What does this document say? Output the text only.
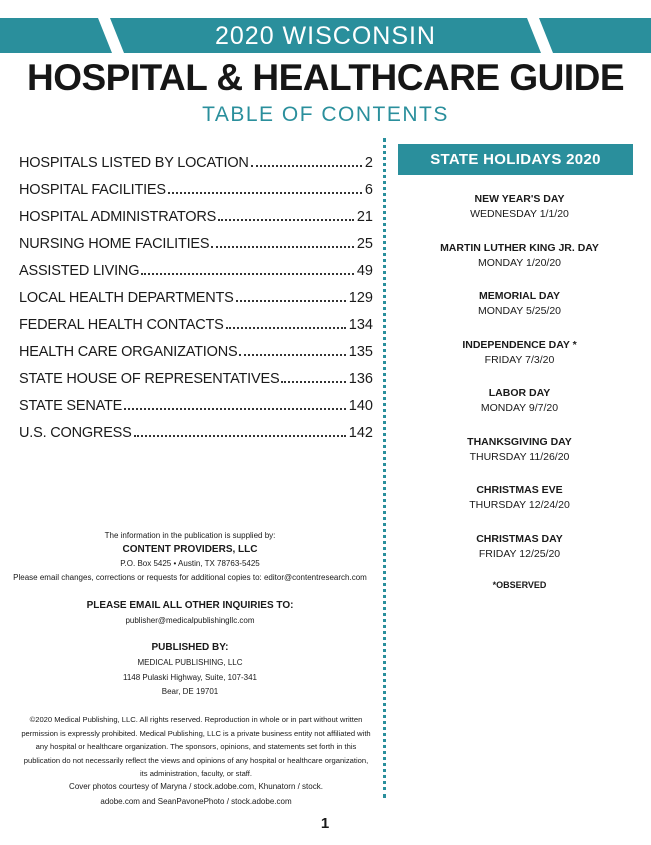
2020 WISCONSIN
HOSPITAL & HEALTHCARE GUIDE
TABLE OF CONTENTS
HOSPITALS LISTED BY LOCATION	2
HOSPITAL FACILITIES	6
HOSPITAL ADMINISTRATORS	21
NURSING HOME FACILITIES	25
ASSISTED LIVING	49
LOCAL HEALTH DEPARTMENTS	129
FEDERAL HEALTH CONTACTS	134
HEALTH CARE ORGANIZATIONS	135
STATE HOUSE OF REPRESENTATIVES	136
STATE SENATE	140
U.S. CONGRESS	142
STATE HOLIDAYS 2020
NEW YEAR'S DAY
WEDNESDAY 1/1/20
MARTIN LUTHER KING JR. DAY
MONDAY 1/20/20
MEMORIAL DAY
MONDAY 5/25/20
INDEPENDENCE DAY *
FRIDAY 7/3/20
LABOR DAY
MONDAY 9/7/20
THANKSGIVING DAY
THURSDAY 11/26/20
CHRISTMAS EVE
THURSDAY 12/24/20
CHRISTMAS DAY
FRIDAY 12/25/20
*OBSERVED
The information in the publication is supplied by:
CONTENT PROVIDERS, LLC
P.O. Box 5425 • Austin, TX 78763-5425
Please email changes, corrections or requests for additional copies to: editor@contentresearch.com
PLEASE EMAIL ALL OTHER INQUIRIES TO:
publisher@medicalpublishingllc.com
PUBLISHED BY:
MEDICAL PUBLISHING, LLC
1148 Pulaski Highway, Suite, 107-341
Bear, DE 19701
©2020 Medical Publishing, LLC. All rights reserved. Reproduction in whole or in part without written permission is expressly prohibited. Medical Publishing, LLC is a private business entity not affiliated with any hospital or healthcare organization. The sponsors, opinions, and statements set forth in this publication do not necessarily reflect the views and opinions of any hospital or healthcare organization, its administration, faculty, or staff.
Cover photos courtesy of Maryna / stock.adobe.com, Khunatorn / stock.
adobe.com and SeanPavonePhoto / stock.adobe.com
1
